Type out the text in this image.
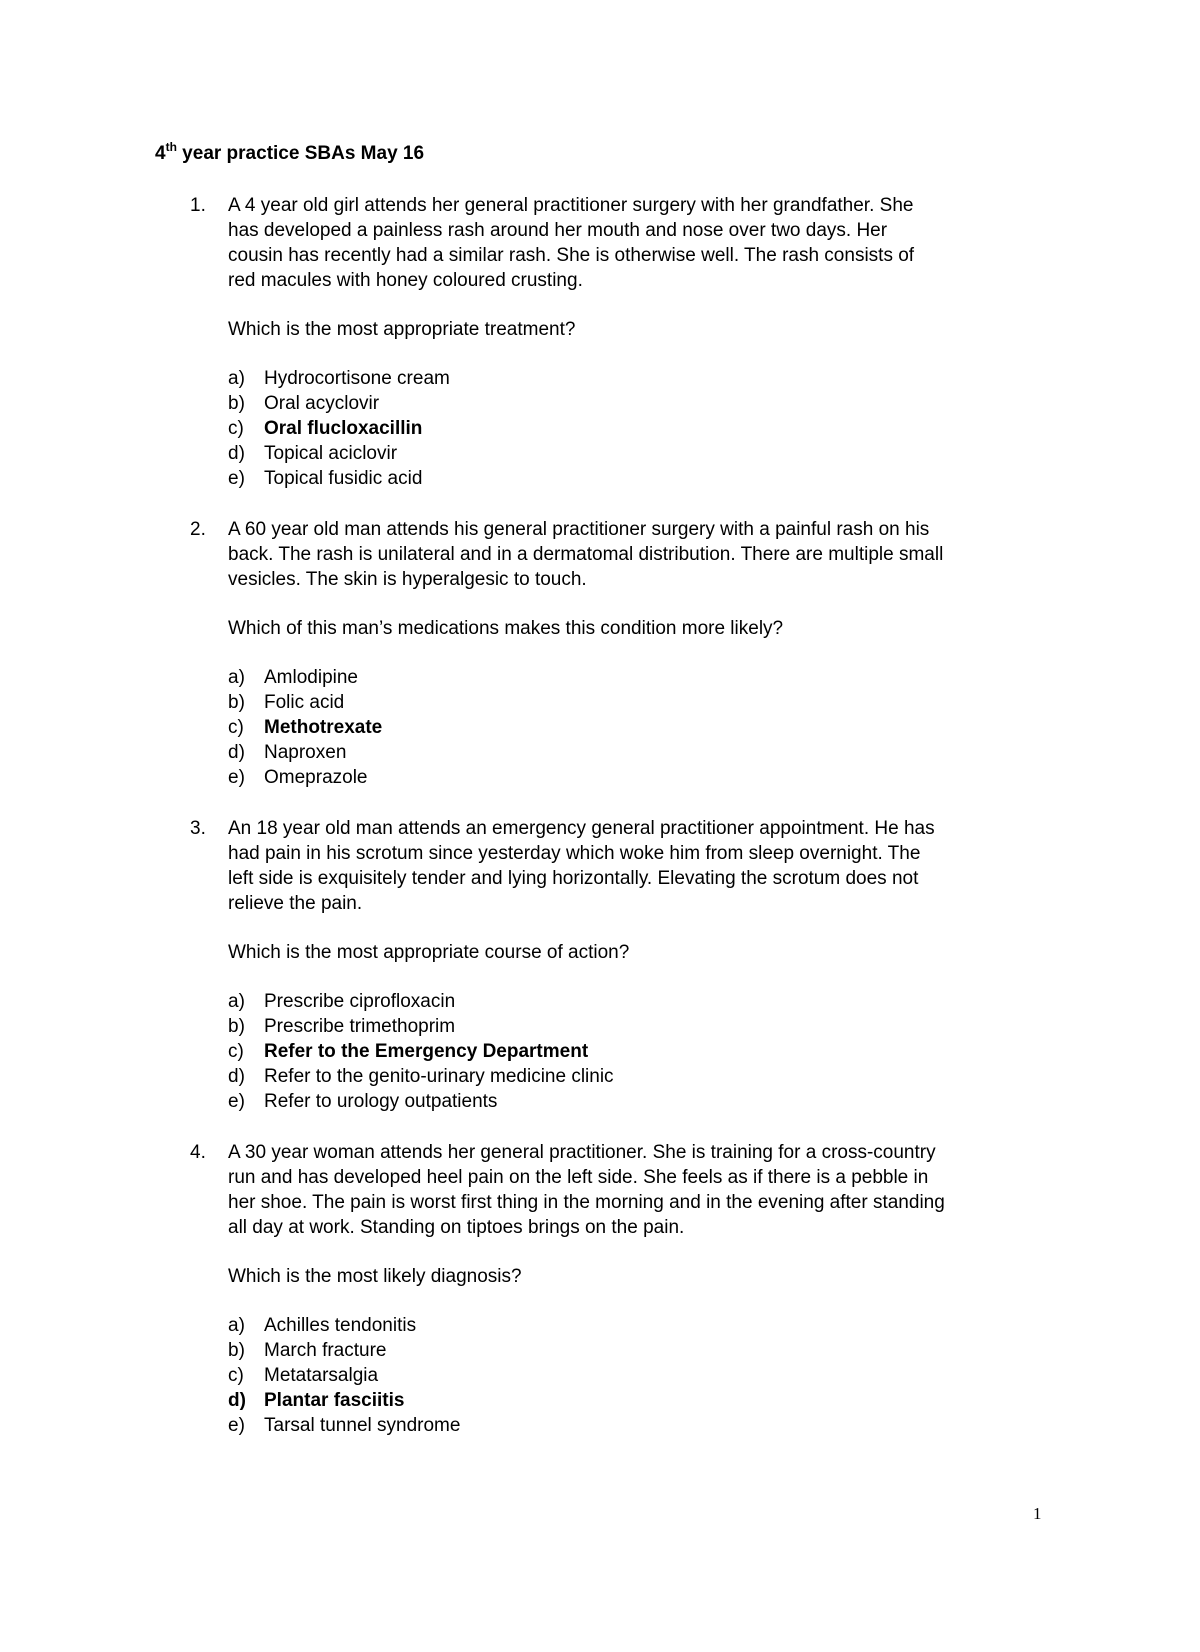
4th year practice SBAs May 16
1. A 4 year old girl attends her general practitioner surgery with her grandfather. She
has developed a painless rash around her mouth and nose over two days. Her
cousin has recently had a similar rash. She is otherwise well. The rash consists of
red macules with honey coloured crusting.
Which is the most appropriate treatment?
a) Hydrocortisone cream
b) Oral acyclovir
c) Oral flucloxacillin
d) Topical aciclovir
e) Topical fusidic acid
2. A 60 year old man attends his general practitioner surgery with a painful rash on his
back. The rash is unilateral and in a dermatomal distribution. There are multiple small
vesicles. The skin is hyperalgesic to touch.
Which of this man’s medications makes this condition more likely?
a) Amlodipine
b) Folic acid
c) Methotrexate
d) Naproxen
e) Omeprazole
3. An 18 year old man attends an emergency general practitioner appointment. He has
had pain in his scrotum since yesterday which woke him from sleep overnight. The
left side is exquisitely tender and lying horizontally. Elevating the scrotum does not
relieve the pain.
Which is the most appropriate course of action?
a) Prescribe ciprofloxacin
b) Prescribe trimethoprim
c) Refer to the Emergency Department
d) Refer to the genito-urinary medicine clinic
e) Refer to urology outpatients
4. A 30 year woman attends her general practitioner. She is training for a cross-country
run and has developed heel pain on the left side. She feels as if there is a pebble in
her shoe. The pain is worst first thing in the morning and in the evening after standing
all day at work. Standing on tiptoes brings on the pain.
Which is the most likely diagnosis?
a) Achilles tendonitis
b) March fracture
c) Metatarsalgia
d) Plantar fasciitis
e) Tarsal tunnel syndrome
1
